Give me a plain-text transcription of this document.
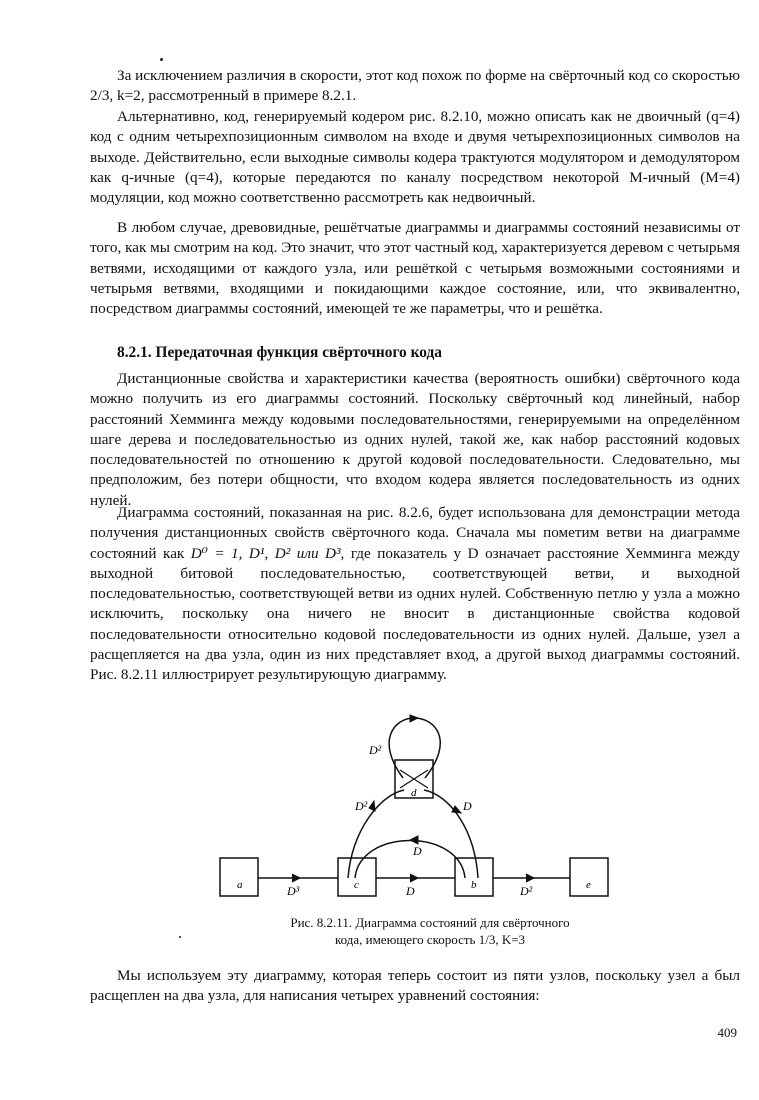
За исключением различия в скорости, этот код похож по форме на свёрточный код со скоростью 2/3, k=2, рассмотренный в примере 8.2.1.

Альтернативно, код, генерируемый кодером рис. 8.2.10, можно описать как не двоичный (q=4) код с одним четырехпозиционным символом на входе и двумя четырехпозиционных символов на выходе. Действительно, если выходные символы кодера трактуются модулятором и демодулятором как q-ичные (q=4), которые передаются по каналу посредством некоторой M-ичный (M=4) модуляции, код можно соответственно рассмотреть как недвоичный.

В любом случае, древовидные, решётчатые диаграммы и диаграммы состояний независимы от того, как мы смотрим на код. Это значит, что этот частный код, характеризуется деревом с четырьмя ветвями, исходящими от каждого узла, или решёткой с четырьмя возможными состояниями и четырьмя ветвями, входящими и покидающими каждое состояние, или, что эквивалентно, посредством диаграммы состояний, имеющей те же параметры, что и решётка.

8.2.1. Передаточная функция свёрточного кода

Дистанционные свойства и характеристики качества (вероятность ошибки) свёрточного кода можно получить из его диаграммы состояний. Поскольку свёрточный код линейный, набор расстояний Хемминга между кодовыми последовательностями, генерируемыми на определённом шаге дерева и последовательностью из одних нулей, такой же, как набор расстояний кодовых последовательностей по отношению к другой кодовой последовательности. Следовательно, мы предположим, без потери общности, что входом кодера является последовательность из одних нулей.

Диаграмма состояний, показанная на рис. 8.2.6, будет использована для демонстрации метода получения дистанционных свойств свёрточного кода. Сначала мы пометим ветви на диаграмме состояний как D⁰ = 1, D¹, D² или D³, где показатель у D означает расстояние Хемминга между выходной битовой последовательностью, соответствующей ветви, и выходной последовательностью, соответствующей ветви из одних нулей. Собственную петлю у узла a можно исключить, поскольку она ничего не вносит в дистанционные свойства кодовой последовательности относительно кодовой последовательности из одних нулей. Дальше, узел a расщепляется на два узла, один из них представляет вход, а другой выход диаграммы состояний. Рис. 8.2.11 иллюстрирует результирующую диаграмму.

a	c	b	e
d
D³	D	D²
D
D²	D
D²
Рис. 8.2.11. Диаграмма состояний для свёрточного
кода, имеющего скорость 1/3, K=3

Мы используем эту диаграмму, которая теперь состоит из пяти узлов, поскольку узел a был расщеплен на два узла, для написания четырех уравнений состояния:

409
